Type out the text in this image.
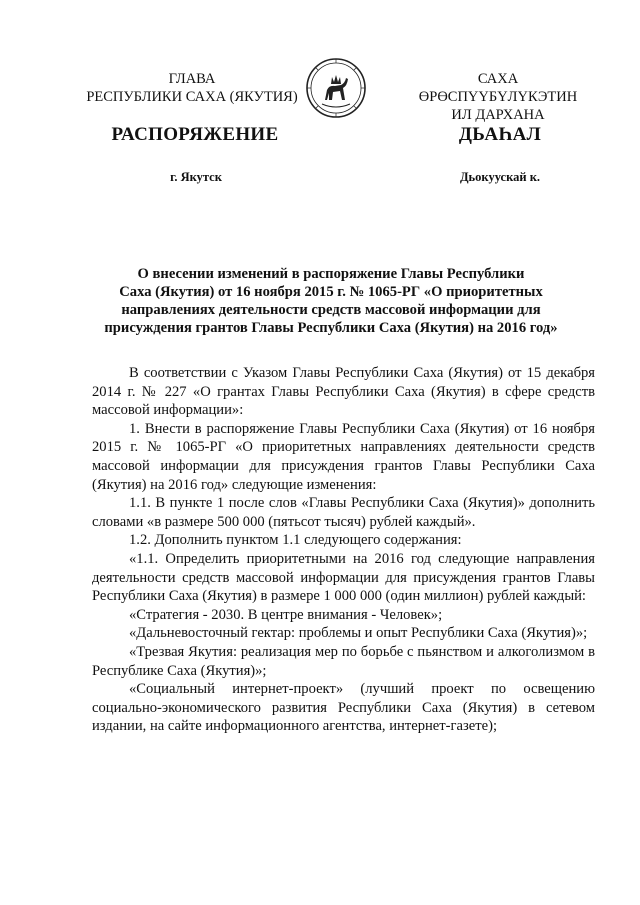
ГЛАВА
РЕСПУБЛИКИ САХА (ЯКУТИЯ)
САХА ӨРӨСПҮҮБҮЛҮКЭТИН
ИЛ ДАРХАНА
РАСПОРЯЖЕНИЕ	ДЬАҺАЛ
г. Якутск	Дьокуускай к.
О внесении изменений в распоряжение Главы Республики
Саха (Якутия) от 16 ноября 2015 г. № 1065-РГ «О приоритетных
направлениях деятельности средств массовой информации для
присуждения грантов Главы Республики Саха (Якутия) на 2016 год»

В соответствии с Указом Главы Республики Саха (Якутия) от 15 декабря 2014 г. № 227 «О грантах Главы Республики Саха (Якутия) в сфере средств массовой информации»:

1. Внести в распоряжение Главы Республики Саха (Якутия) от 16 ноября 2015 г. № 1065-РГ «О приоритетных направлениях деятельности средств массовой информации для присуждения грантов Главы Республики Саха (Якутия) на 2016 год» следующие изменения:

1.1. В пункте 1 после слов «Главы Республики Саха (Якутия)» дополнить словами «в размере 500 000 (пятьсот тысяч) рублей каждый».

1.2. Дополнить пунктом 1.1 следующего содержания:

«1.1. Определить приоритетными на 2016 год следующие направления деятельности средств массовой информации для присуждения грантов Главы Республики Саха (Якутия) в размере 1 000 000 (один миллион) рублей каждый:

«Стратегия - 2030. В центре внимания - Человек»;

«Дальневосточный гектар: проблемы и опыт Республики Саха (Якутия)»;

«Трезвая Якутия: реализация мер по борьбе с пьянством и алкоголизмом в Республике Саха (Якутия)»;

«Социальный интернет-проект» (лучший проект по освещению социально-экономического развития Республики Саха (Якутия) в сетевом издании, на сайте информационного агентства, интернет-газете);
